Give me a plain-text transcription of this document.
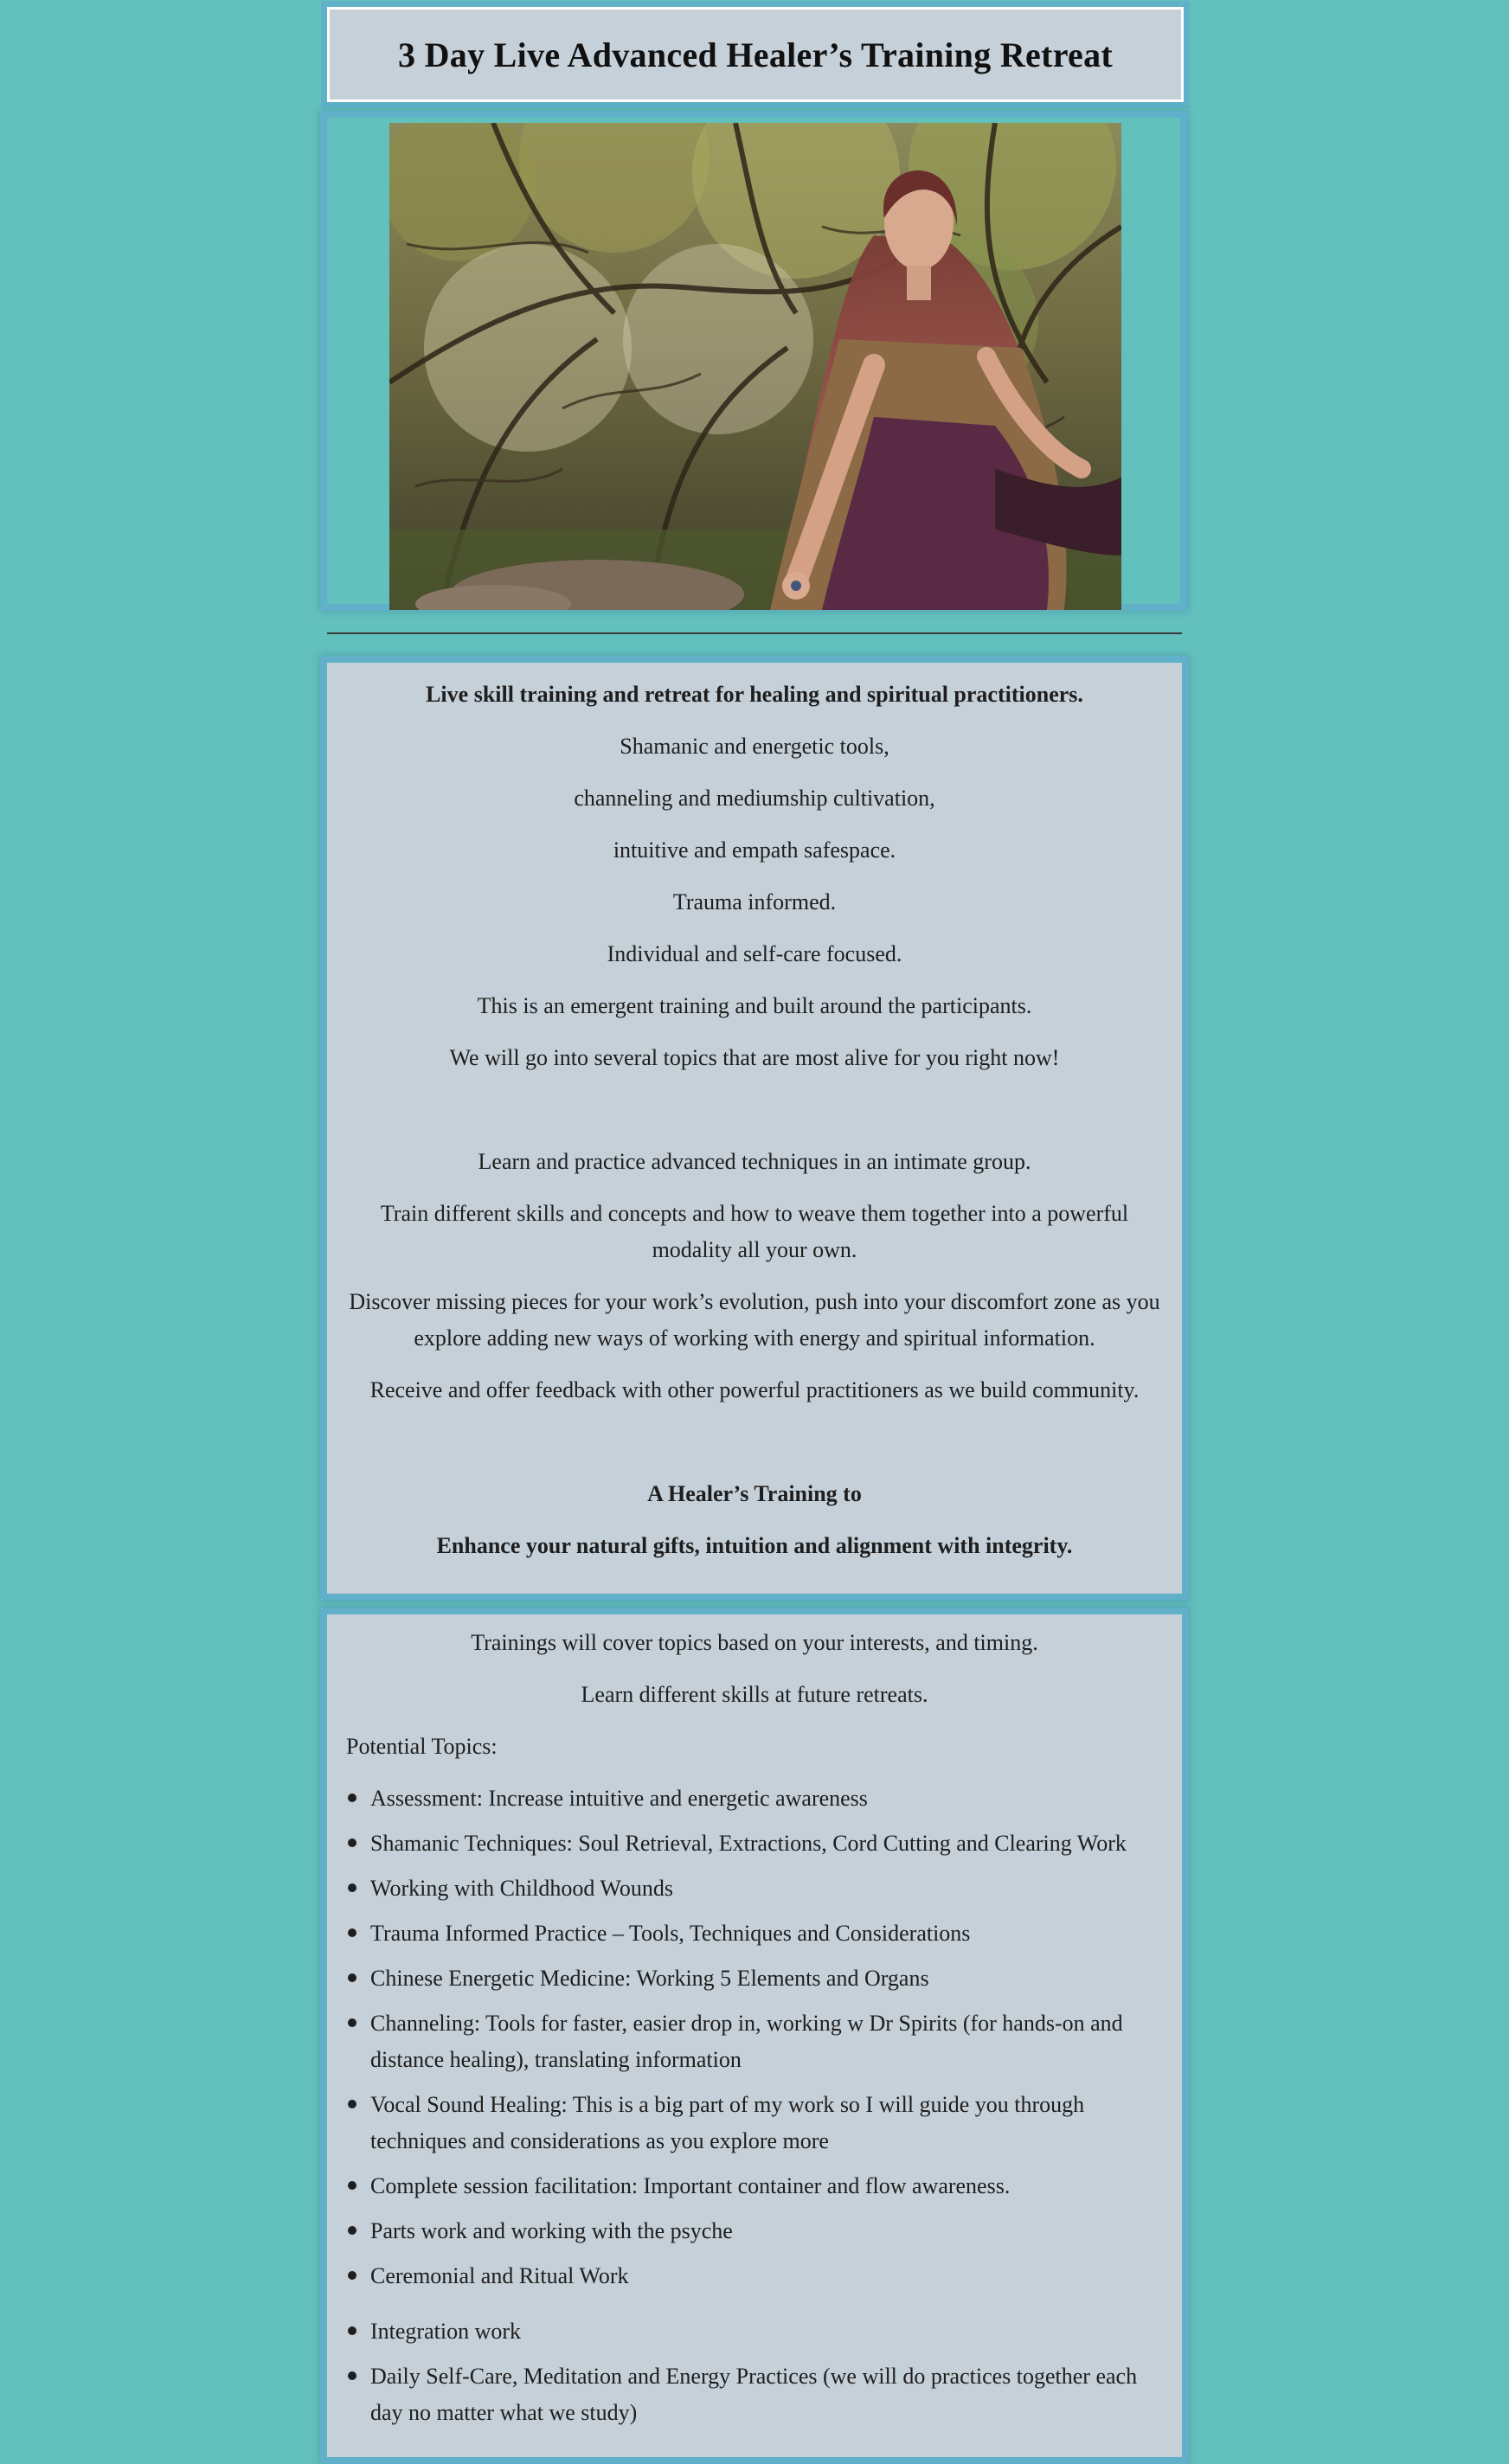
3 Day Live Advanced Healer’s Training Retreat

Live skill training and retreat for healing and spiritual practitioners.

Shamanic and energetic tools,

channeling and mediumship cultivation,

intuitive and empath safespace.

Trauma informed.

Individual and self-care focused.

This is an emergent training and built around the participants.

We will go into several topics that are most alive for you right now!

Learn and practice advanced techniques in an intimate group.

Train different skills and concepts and how to weave them together into a powerful modality all your own.

Discover missing pieces for your work’s evolution, push into your discomfort zone as you explore adding new ways of working with energy and spiritual information.

Receive and offer feedback with other powerful practitioners as we build community.

A Healer’s Training to

Enhance your natural gifts, intuition and alignment with integrity.

Trainings will cover topics based on your interests, and timing.

Learn different skills at future retreats.

Potential Topics:

Assessment: Increase intuitive and energetic awareness
Shamanic Techniques: Soul Retrieval, Extractions, Cord Cutting and Clearing Work
Working with Childhood Wounds
Trauma Informed Practice – Tools, Techniques and Considerations
Chinese Energetic Medicine: Working 5 Elements and Organs
Channeling: Tools for faster, easier drop in, working w Dr Spirits (for hands-on and distance healing), translating information
Vocal Sound Healing: This is a big part of my work so I will guide you through techniques and considerations as you explore more
Complete session facilitation: Important container and flow awareness.
Parts work and working with the psyche
Ceremonial and Ritual Work
Integration work
Daily Self-Care, Meditation and Energy Practices (we will do practices together each day no matter what we study)
